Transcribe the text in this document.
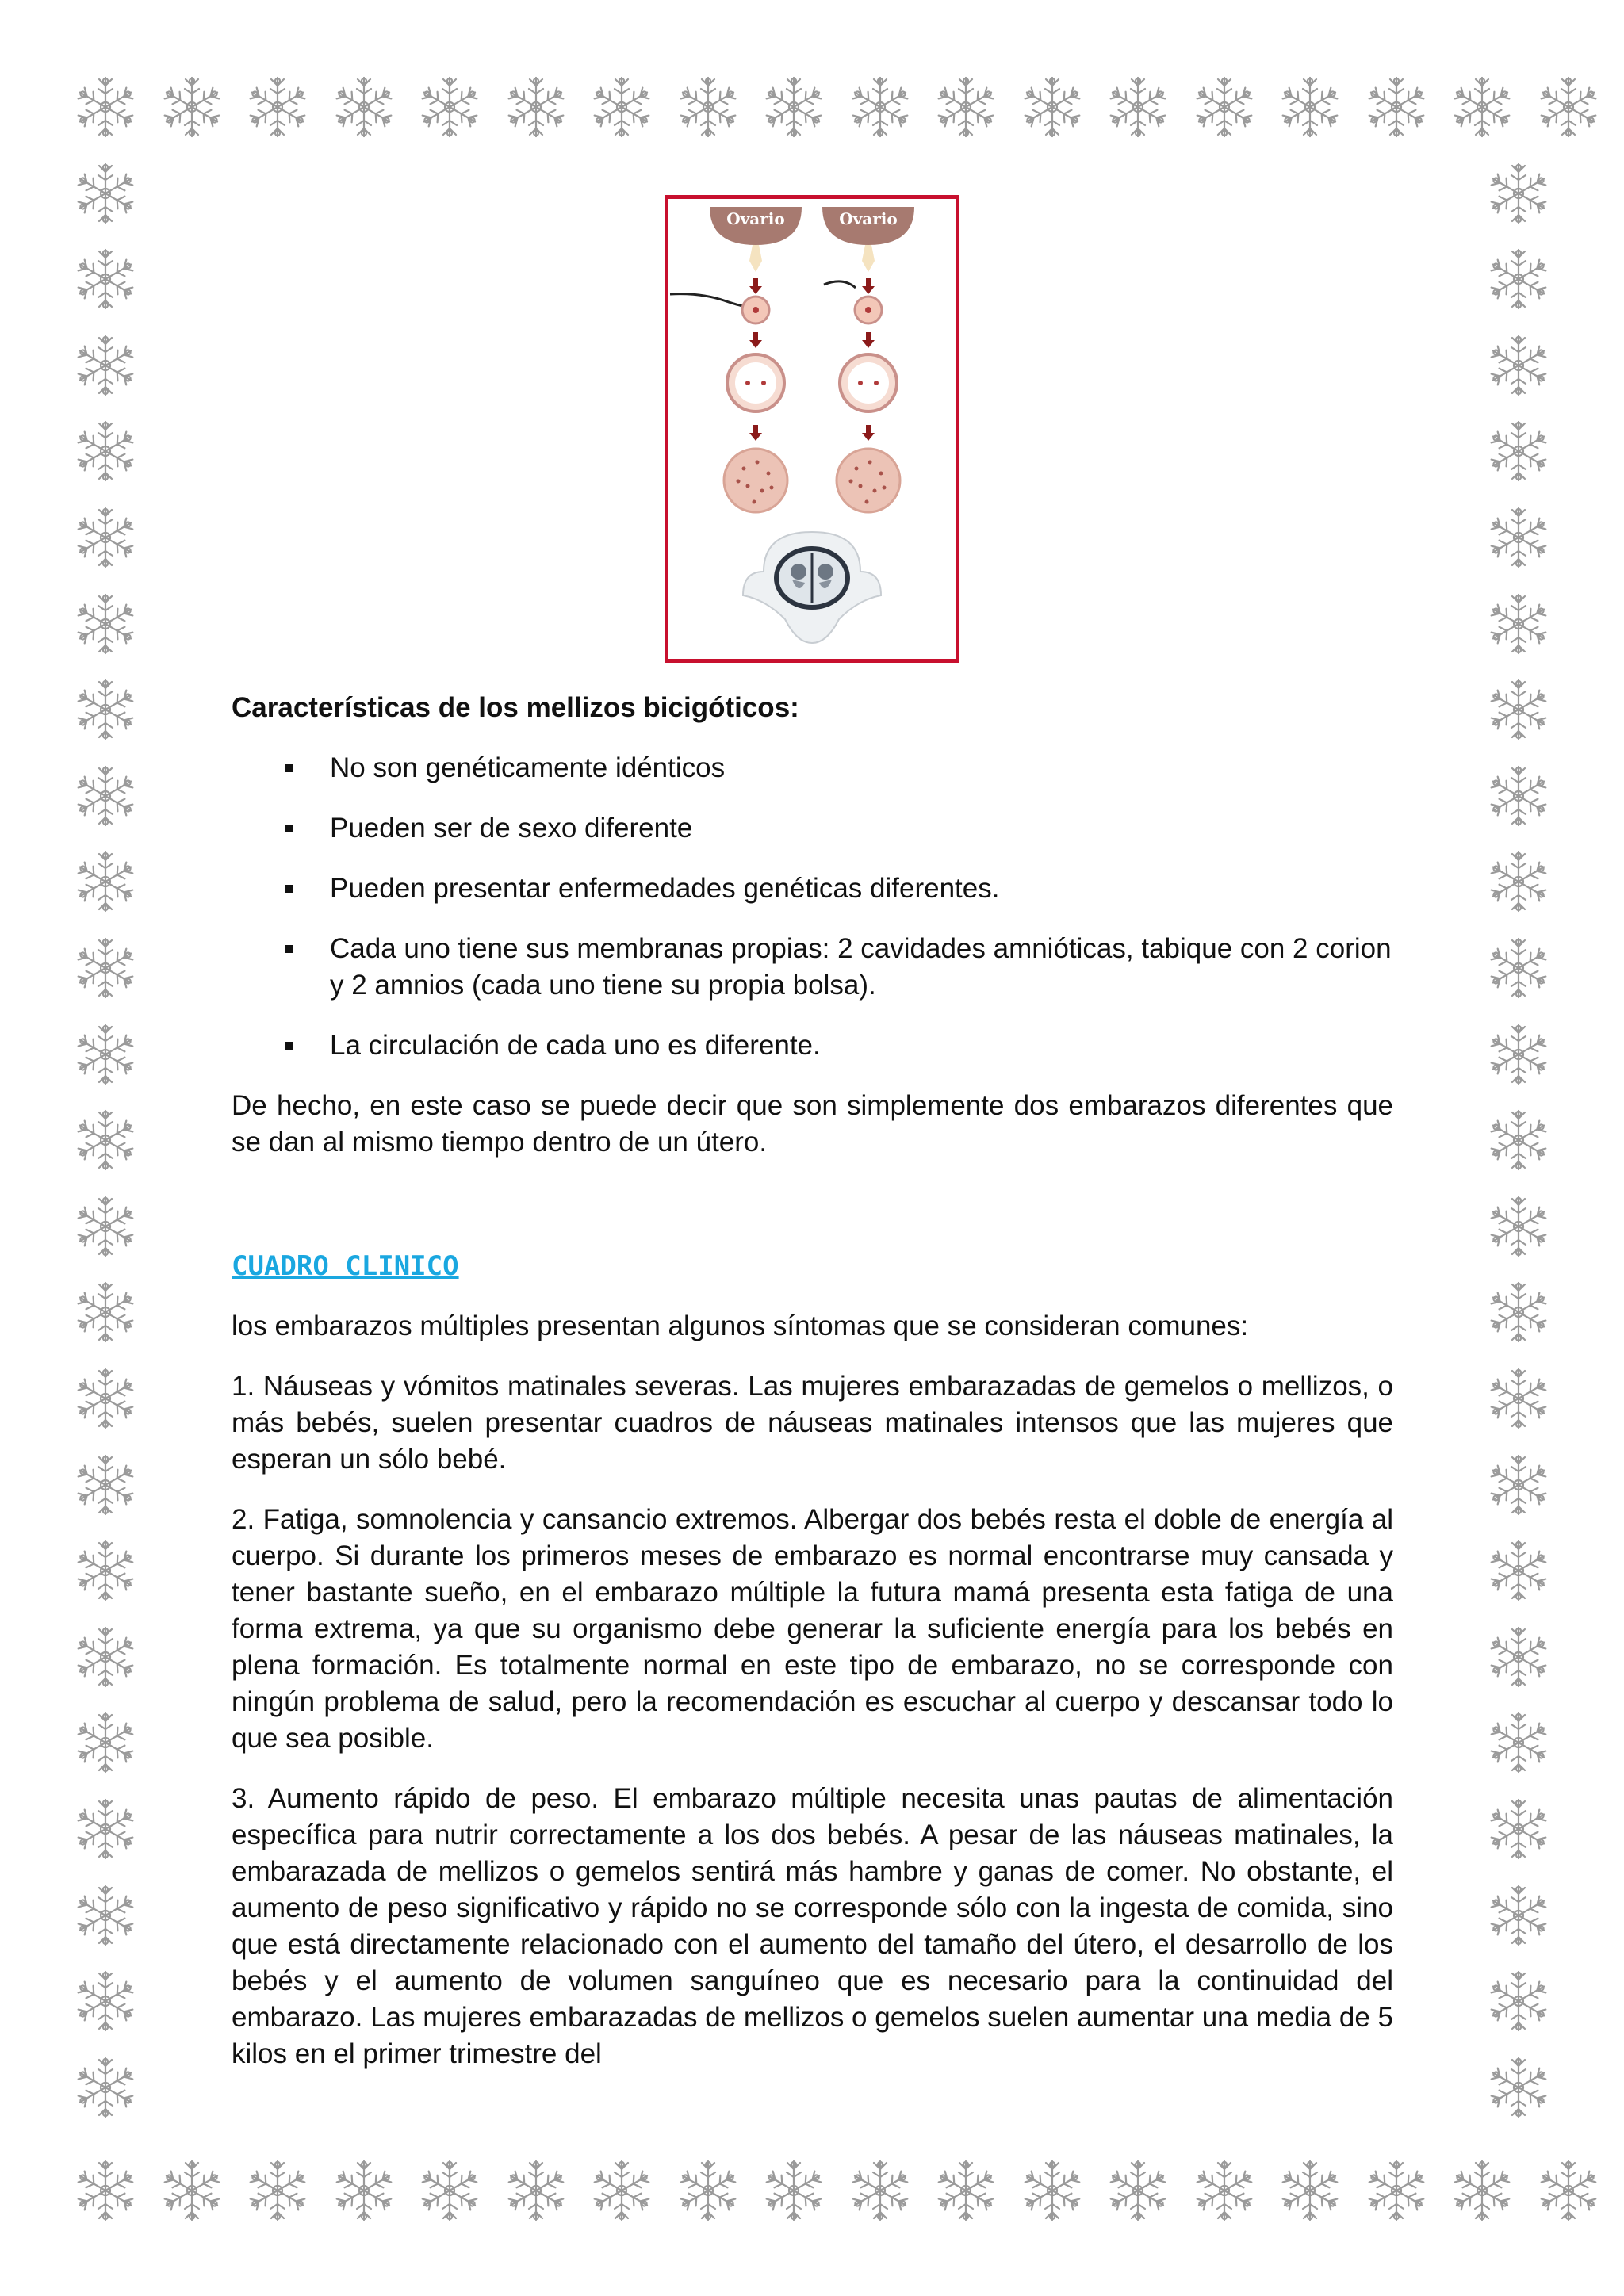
Ovario	Ovario
Características de los mellizos bicigóticos:
No son genéticamente idénticos
Pueden ser de sexo diferente
Pueden presentar enfermedades genéticas diferentes.
Cada uno tiene sus membranas propias: 2 cavidades amnióticas, tabique con 2 corion y 2 amnios (cada uno tiene su propia bolsa).
La circulación de cada uno es diferente.

De hecho, en este caso se puede decir que son simplemente dos embarazos diferentes que se dan al mismo tiempo dentro de un útero.

CUADRO CLINICO

los embarazos múltiples presentan algunos síntomas que se consideran comunes:

1. Náuseas y vómitos matinales severas. Las mujeres embarazadas de gemelos o mellizos, o más bebés, suelen presentar cuadros de náuseas matinales intensos que las mujeres que esperan un sólo bebé.

2. Fatiga, somnolencia y cansancio extremos. Albergar dos bebés resta el doble de energía al cuerpo. Si durante los primeros meses de embarazo es normal encontrarse muy cansada y tener bastante sueño, en el embarazo múltiple la futura mamá presenta esta fatiga de una forma extrema, ya que su organismo debe generar la suficiente energía para los bebés en plena formación. Es totalmente normal en este tipo de embarazo, no se corresponde con ningún problema de salud, pero la recomendación es escuchar al cuerpo y descansar todo lo que sea posible.

3. Aumento rápido de peso. El embarazo múltiple necesita unas pautas de alimentación específica para nutrir correctamente a los dos bebés. A pesar de las náuseas matinales, la embarazada de mellizos o gemelos sentirá más hambre y ganas de comer. No obstante, el aumento de peso significativo y rápido no se corresponde sólo con la ingesta de comida, sino que está directamente relacionado con el aumento del tamaño del útero, el desarrollo de los bebés y el aumento de volumen sanguíneo que es necesario para la continuidad del embarazo. Las mujeres embarazadas de mellizos o gemelos suelen aumentar una media de 5 kilos en el primer trimestre del
